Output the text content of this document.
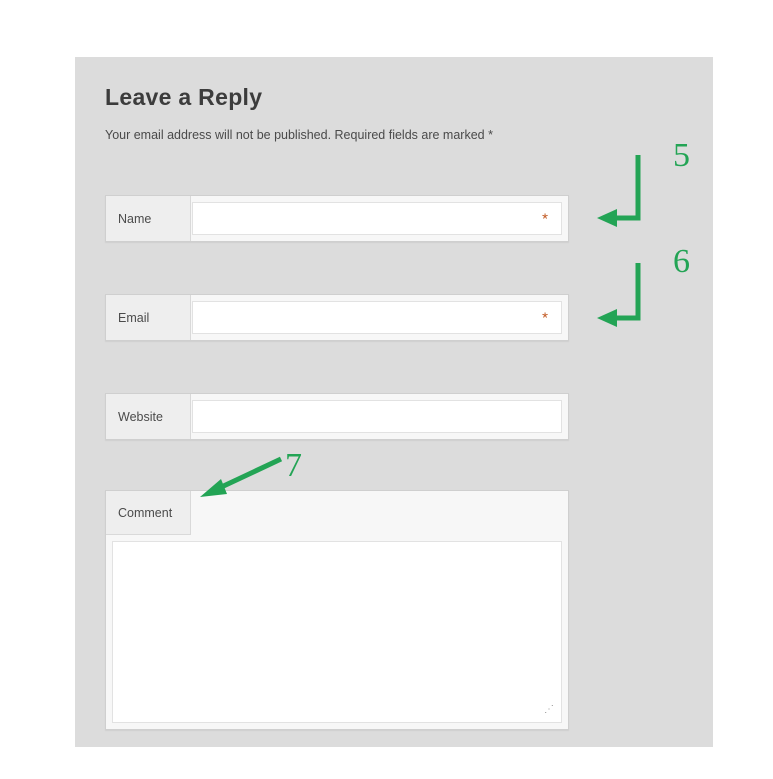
Leave a Reply
Your email address will not be published. Required fields are marked *
Name	*
Email	*
Website
Comment
⋰
5
6
7
